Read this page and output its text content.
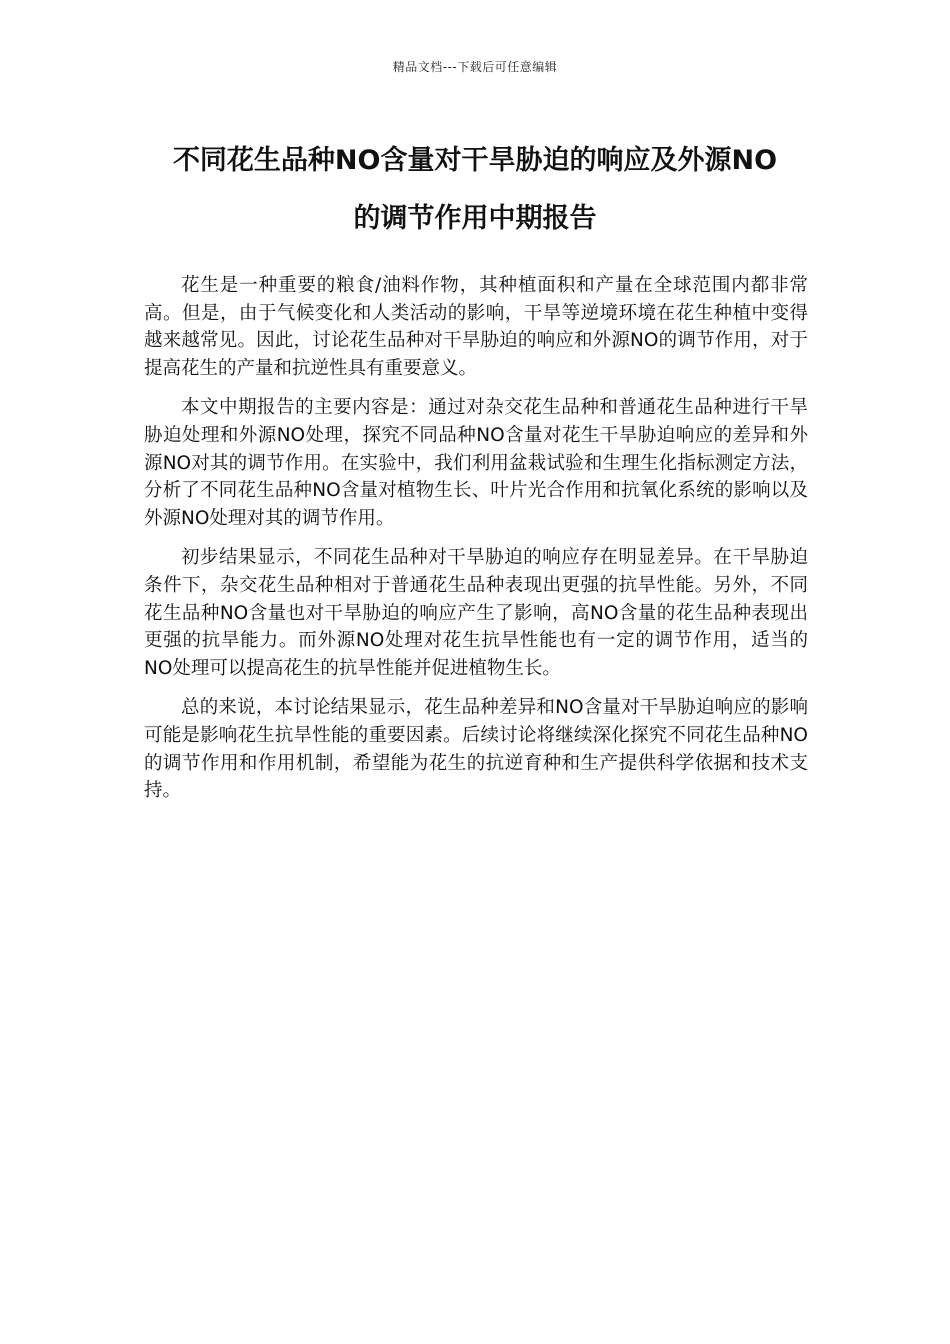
精品文档---下载后可任意编辑
不同花生品种NO含量对干旱胁迫的响应及外源NO
的调节作用中期报告

花生是一种重要的粮食/油料作物，其种植面积和产量在全球范围内都非常高。但是，由于气候变化和人类活动的影响，干旱等逆境环境在花生种植中变得越来越常见。因此，讨论花生品种对干旱胁迫的响应和外源NO的调节作用，对于提高花生的产量和抗逆性具有重要意义。

本文中期报告的主要内容是：通过对杂交花生品种和普通花生品种进行干旱胁迫处理和外源NO处理，探究不同品种NO含量对花生干旱胁迫响应的差异和外源NO对其的调节作用。在实验中，我们利用盆栽试验和生理生化指标测定方法，分析了不同花生品种NO含量对植物生长、叶片光合作用和抗氧化系统的影响以及外源NO处理对其的调节作用。

初步结果显示，不同花生品种对干旱胁迫的响应存在明显差异。在干旱胁迫条件下，杂交花生品种相对于普通花生品种表现出更强的抗旱性能。另外，不同花生品种NO含量也对干旱胁迫的响应产生了影响，高NO含量的花生品种表现出更强的抗旱能力。而外源NO处理对花生抗旱性能也有一定的调节作用，适当的NO处理可以提高花生的抗旱性能并促进植物生长。

总的来说，本讨论结果显示，花生品种差异和NO含量对干旱胁迫响应的影响可能是影响花生抗旱性能的重要因素。后续讨论将继续深化探究不同花生品种NO的调节作用和作用机制，希望能为花生的抗逆育种和生产提供科学依据和技术支持。
